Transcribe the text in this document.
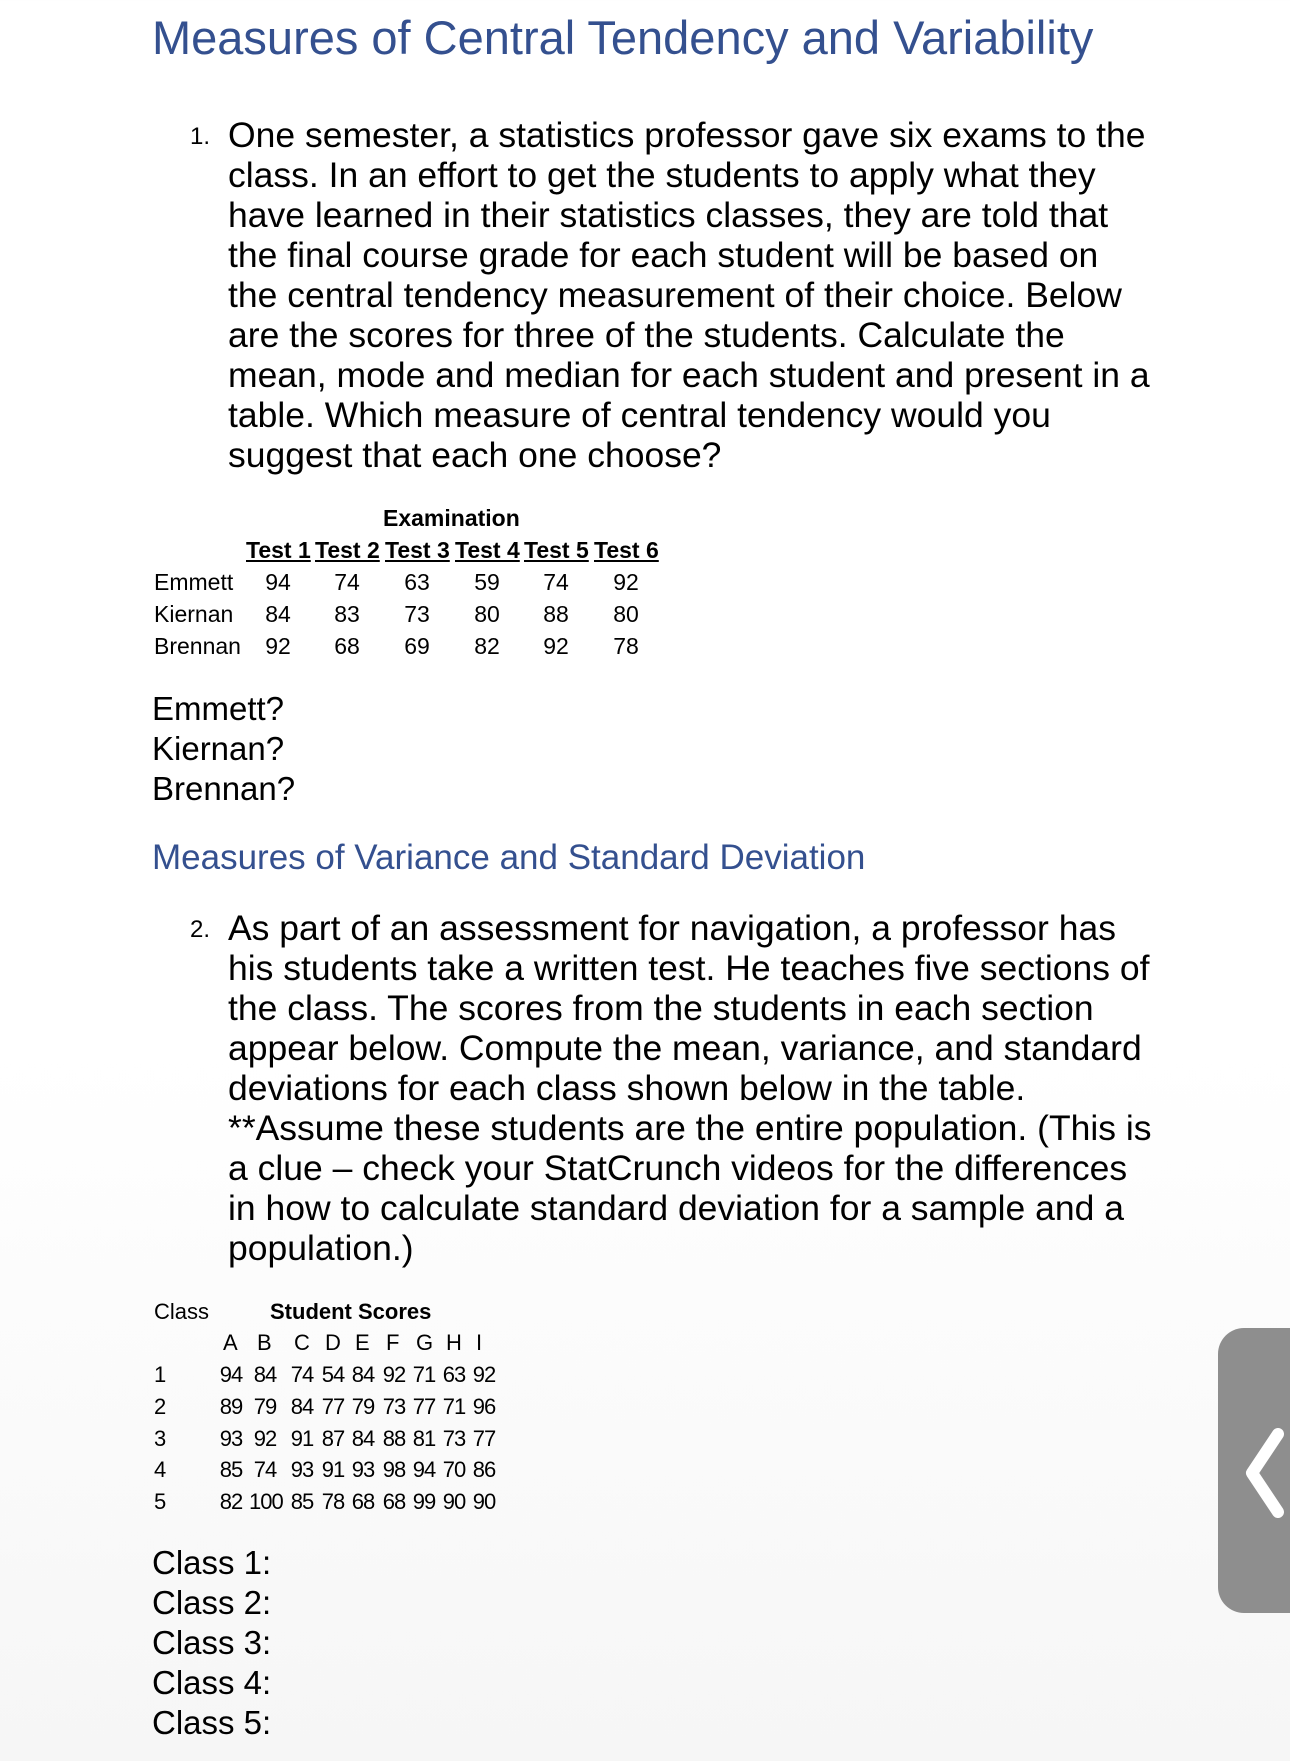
Measures of Central Tendency and Variability
1. One semester, a statistics professor gave six exams to the
class. In an effort to get the students to apply what they
have learned in their statistics classes, they are told that
the final course grade for each student will be based on
the central tendency measurement of their choice. Below
are the scores for three of the students. Calculate the
mean, mode and median for each student and present in a
table. Which measure of central tendency would you
suggest that each one choose?
Examination
Test 1 Test 2 Test 3 Test 4 Test 5 Test 6
Emmett	94	74	63	59	74	92
Kiernan	84	83	73	80	88	80
Brennan	92	68	69	82	92	78
Emmett?
Kiernan?
Brennan?
Measures of Variance and Standard Deviation
2. As part of an assessment for navigation, a professor has
his students take a written test. He teaches five sections of
the class. The scores from the students in each section
appear below. Compute the mean, variance, and standard
deviations for each class shown below in the table.
**Assume these students are the entire population. (This is
a clue – check your StatCrunch videos for the differences
in how to calculate standard deviation for a sample and a
population.)
Class	Student Scores
A B C D E F G H I
1 94 84 74 54 84 92 71 63 92
2 89 79 84 77 79 73 77 71 96
3 93 92 91 87 84 88 81 73 77
4 85 74 93 91 93 98 94 70 86
5 82 100 85 78 68 68 99 90 90
Class 1:
Class 2:
Class 3:
Class 4:
Class 5:
